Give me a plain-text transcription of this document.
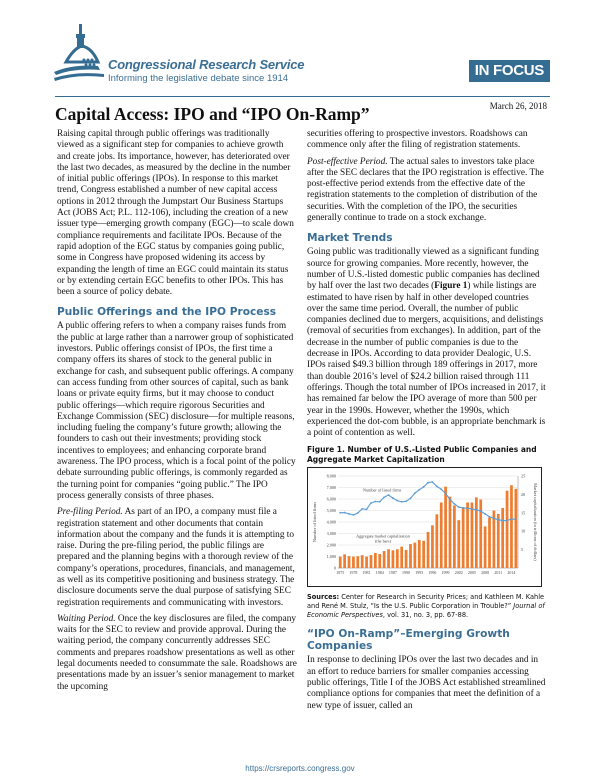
Congressional Research Service
Informing the legislative debate since 1914	IN FOCUS
March 26, 2018
Capital Access: IPO and “IPO On-Ramp”

Raising capital through public offerings was traditionally viewed as a significant step for companies to achieve growth and create jobs. Its importance, however, has deteriorated over the last two decades, as measured by the decline in the number of initial public offerings (IPOs). In response to this market trend, Congress established a number of new capital access options in 2012 through the Jumpstart Our Business Startups Act (JOBS Act; P.L. 112-106), including the creation of a new issuer type—emerging growth company (EGC)—to scale down compliance requirements and facilitate IPOs. Because of the rapid adoption of the EGC status by companies going public, some in Congress have proposed widening its access by expanding the length of time an EGC could maintain its status or by extending certain EGC benefits to other IPOs. This has been a source of policy debate.

Public Offerings and the IPO Process

A public offering refers to when a company raises funds from the public at large rather than a narrower group of sophisticated investors. Public offerings consist of IPOs, the first time a company offers its shares of stock to the general public in exchange for cash, and subsequent public offerings. A company can access funding from other sources of capital, such as bank loans or private equity firms, but it may choose to conduct public offerings—which require rigorous Securities and Exchange Commission (SEC) disclosure—for multiple reasons, including fueling the company’s future growth; allowing the founders to cash out their investments; providing stock incentives to employees; and enhancing corporate brand awareness. The IPO process, which is a focal point of the policy debate surrounding public offerings, is commonly regarded as the turning point for companies “going public.” The IPO process generally consists of three phases.

Pre-filing Period. As part of an IPO, a company must file a registration statement and other documents that contain information about the company and the funds it is attempting to raise. During the pre-filing period, the public filings are prepared and the planning begins with a thorough review of the company’s operations, procedures, financials, and management, as well as its competitive positioning and business strategy. The disclosure documents serve the dual purpose of satisfying SEC registration requirements and communicating with investors.

Waiting Period. Once the key disclosures are filed, the company waits for the SEC to review and provide approval. During the waiting period, the company concurrently addresses SEC comments and prepares roadshow presentations as well as other legal documents needed to consummate the sale. Roadshows are presentations made by an issuer’s senior management to market the upcoming

securities offering to prospective investors. Roadshows can commence only after the filing of registration statements.

Post-effective Period. The actual sales to investors take place after the SEC declares that the IPO registration is effective. The post-effective period extends from the effective date of the registration statements to the completion of distribution of the securities. With the completion of the IPO, the securities generally continue to trade on a stock exchange.

Market Trends

Going public was traditionally viewed as a significant funding source for growing companies. More recently, however, the number of U.S.-listed domestic public companies has declined by half over the last two decades (Figure 1) while listings are estimated to have risen by half in other developed countries over the same time period. Overall, the number of public companies declined due to mergers, acquisitions, and delistings (removal of securities from exchanges). In addition, part of the decrease in the number of public companies is due to the decrease in IPOs. According to data provider Dealogic, U.S. IPOs raised $49.3 billion through 189 offerings in 2017, more than double 2016’s level of $24.2 billion raised through 111 offerings. Though the total number of IPOs increased in 2017, it has remained far below the IPO average of more than 500 per year in the 1990s. However, whether the 1990s, which experienced the dot-com bubble, is an appropriate benchmark is a point of contention as well.

Figure 1. Number of U.S.-Listed Public Companies and Aggregate Market Capitalization
0
1,000
2,000
3,000
4,000
5,000
6,000
7,000
8,000
5
10
15
20
25
1975 1978 1981 1984 1987 1990 1993 1996 1999 2002 2005 2008 2011 2014
Number of listed firms
Aggregate market capitalization
(the bars)
Number of listed firms	Market capitalization (in trillions of dollars)

Sources: Center for Research in Security Prices; and Kathleen M. Kahle and René M. Stulz, “Is the U.S. Public Corporation in Trouble?” Journal of Economic Perspectives, vol. 31, no. 3, pp. 67-88.

“IPO On-Ramp”–Emerging Growth Companies

In response to declining IPOs over the last two decades and in an effort to reduce barriers for smaller companies accessing public offerings, Title I of the JOBS Act established streamlined compliance options for companies that meet the definition of a new type of issuer, called an

https://crsreports.congress.gov
